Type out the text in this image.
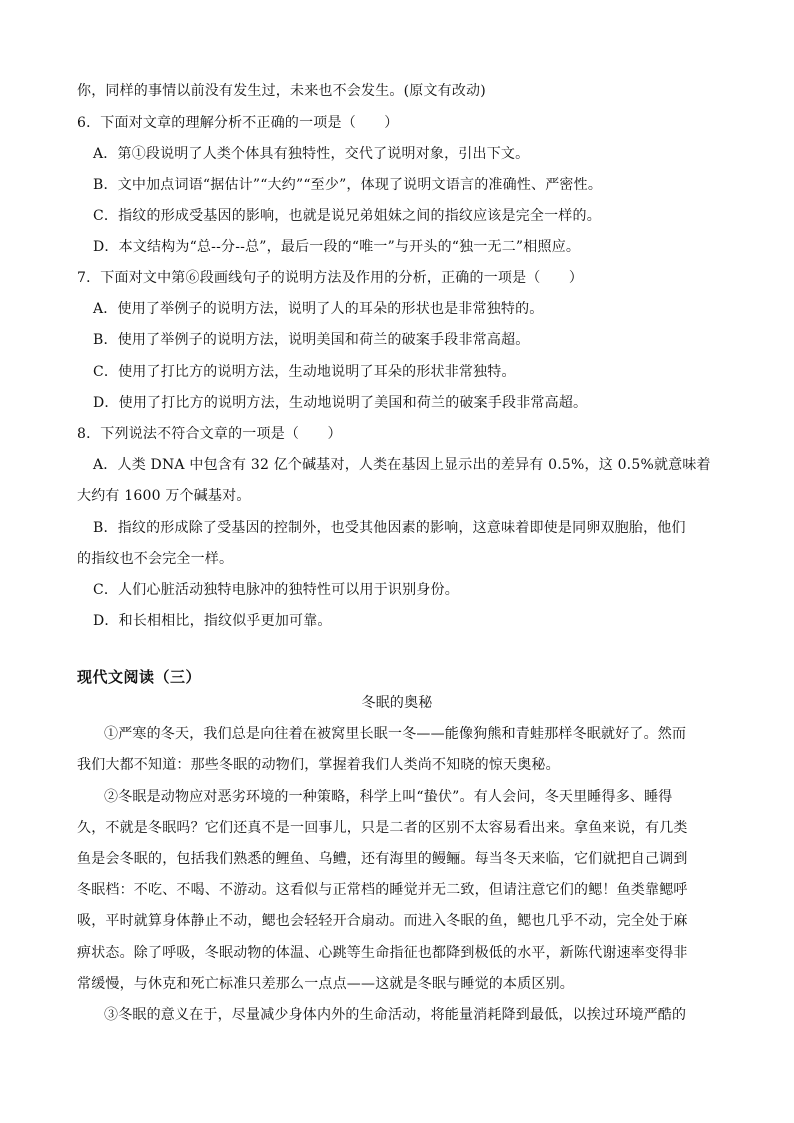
你，同样的事情以前没有发生过，未来也不会发生。(原文有改动)
6．下面对文章的理解分析不正确的一项是（　　）
A．第①段说明了人类个体具有独特性，交代了说明对象，引出下文。
B．文中加点词语“据估计”“大约”“至少”，体现了说明文语言的准确性、严密性。
C．指纹的形成受基因的影响，也就是说兄弟姐妹之间的指纹应该是完全一样的。
D．本文结构为“总--分--总”，最后一段的“唯一”与开头的“独一无二”相照应。
7．下面对文中第⑥段画线句子的说明方法及作用的分析，正确的一项是（　　）
A．使用了举例子的说明方法，说明了人的耳朵的形状也是非常独特的。
B．使用了举例子的说明方法，说明美国和荷兰的破案手段非常高超。
C．使用了打比方的说明方法，生动地说明了耳朵的形状非常独特。
D．使用了打比方的说明方法，生动地说明了美国和荷兰的破案手段非常高超。
8．下列说法不符合文章的一项是（　　）
A．人类 DNA 中包含有 32 亿个碱基对，人类在基因上显示出的差异有 0.5%，这 0.5%就意味着
大约有 1600 万个碱基对。
B．指纹的形成除了受基因的控制外，也受其他因素的影响，这意味着即使是同卵双胞胎，他们
的指纹也不会完全一样。
C．人们心脏活动独特电脉冲的独特性可以用于识别身份。
D．和长相相比，指纹似乎更加可靠。
现代文阅读（三）
冬眠的奥秘
①严寒的冬天，我们总是向往着在被窝里长眠一冬——能像狗熊和青蛙那样冬眠就好了。然而
我们大都不知道：那些冬眠的动物们，掌握着我们人类尚不知晓的惊天奥秘。
②冬眠是动物应对恶劣环境的一种策略，科学上叫“蛰伏”。有人会问，冬天里睡得多、睡得
久，不就是冬眠吗？它们还真不是一回事儿，只是二者的区别不太容易看出来。拿鱼来说，有几类
鱼是会冬眠的，包括我们熟悉的鲤鱼、乌鳢，还有海里的鳗鲡。每当冬天来临，它们就把自己调到
冬眠档：不吃、不喝、不游动。这看似与正常档的睡觉并无二致，但请注意它们的鳃！鱼类靠鳃呼
吸，平时就算身体静止不动，鳃也会轻轻开合扇动。而进入冬眠的鱼，鳃也几乎不动，完全处于麻
痹状态。除了呼吸，冬眠动物的体温、心跳等生命指征也都降到极低的水平，新陈代谢速率变得非
常缓慢，与休克和死亡标准只差那么一点点——这就是冬眠与睡觉的本质区别。
③冬眠的意义在于，尽量减少身体内外的生命活动，将能量消耗降到最低，以挨过环境严酷的
